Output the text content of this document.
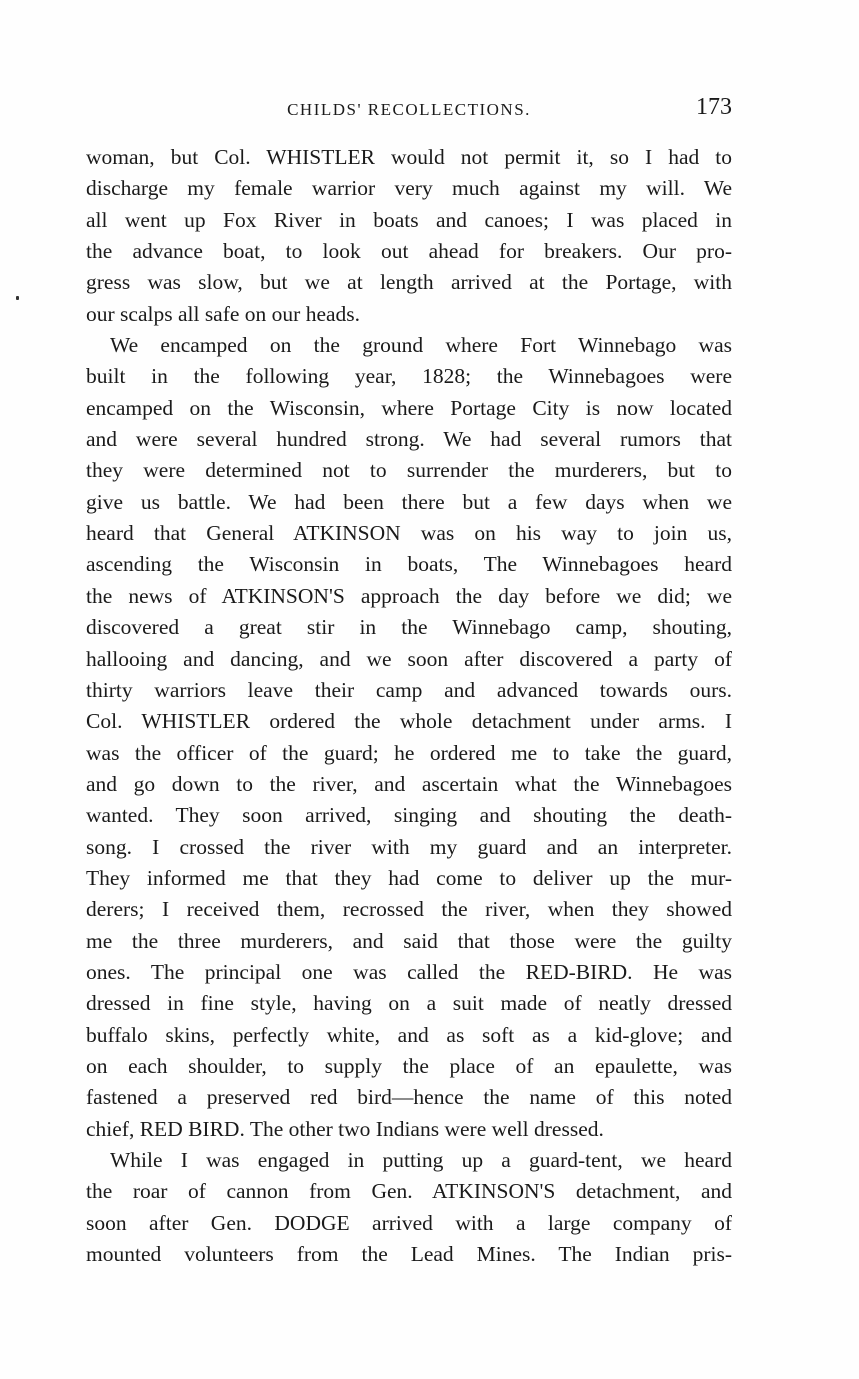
CHILDS' RECOLLECTIONS.	173
woman, but Col. WHISTLER would not permit it, so I had to
discharge my female warrior very much against my will. We
all went up Fox River in boats and canoes; I was placed in
the advance boat, to look out ahead for breakers. Our pro-
gress was slow, but we at length arrived at the Portage, with
our scalps all safe on our heads.
We encamped on the ground where Fort Winnebago was
built in the following year, 1828; the Winnebagoes were
encamped on the Wisconsin, where Portage City is now located
and were several hundred strong. We had several rumors that
they were determined not to surrender the murderers, but to
give us battle. We had been there but a few days when we
heard that General ATKINSON was on his way to join us,
ascending the Wisconsin in boats, The Winnebagoes heard
the news of ATKINSON'S approach the day before we did; we
discovered a great stir in the Winnebago camp, shouting,
hallooing and dancing, and we soon after discovered a party of
thirty warriors leave their camp and advanced towards ours.
Col. WHISTLER ordered the whole detachment under arms. I
was the officer of the guard; he ordered me to take the guard,
and go down to the river, and ascertain what the Winnebagoes
wanted. They soon arrived, singing and shouting the death-
song. I crossed the river with my guard and an interpreter.
They informed me that they had come to deliver up the mur-
derers; I received them, recrossed the river, when they showed
me the three murderers, and said that those were the guilty
ones. The principal one was called the RED-BIRD. He was
dressed in fine style, having on a suit made of neatly dressed
buffalo skins, perfectly white, and as soft as a kid-glove; and
on each shoulder, to supply the place of an epaulette, was
fastened a preserved red bird—hence the name of this noted
chief, RED BIRD. The other two Indians were well dressed.
While I was engaged in putting up a guard-tent, we heard
the roar of cannon from Gen. ATKINSON'S detachment, and
soon after Gen. DODGE arrived with a large company of
mounted volunteers from the Lead Mines. The Indian pris-
